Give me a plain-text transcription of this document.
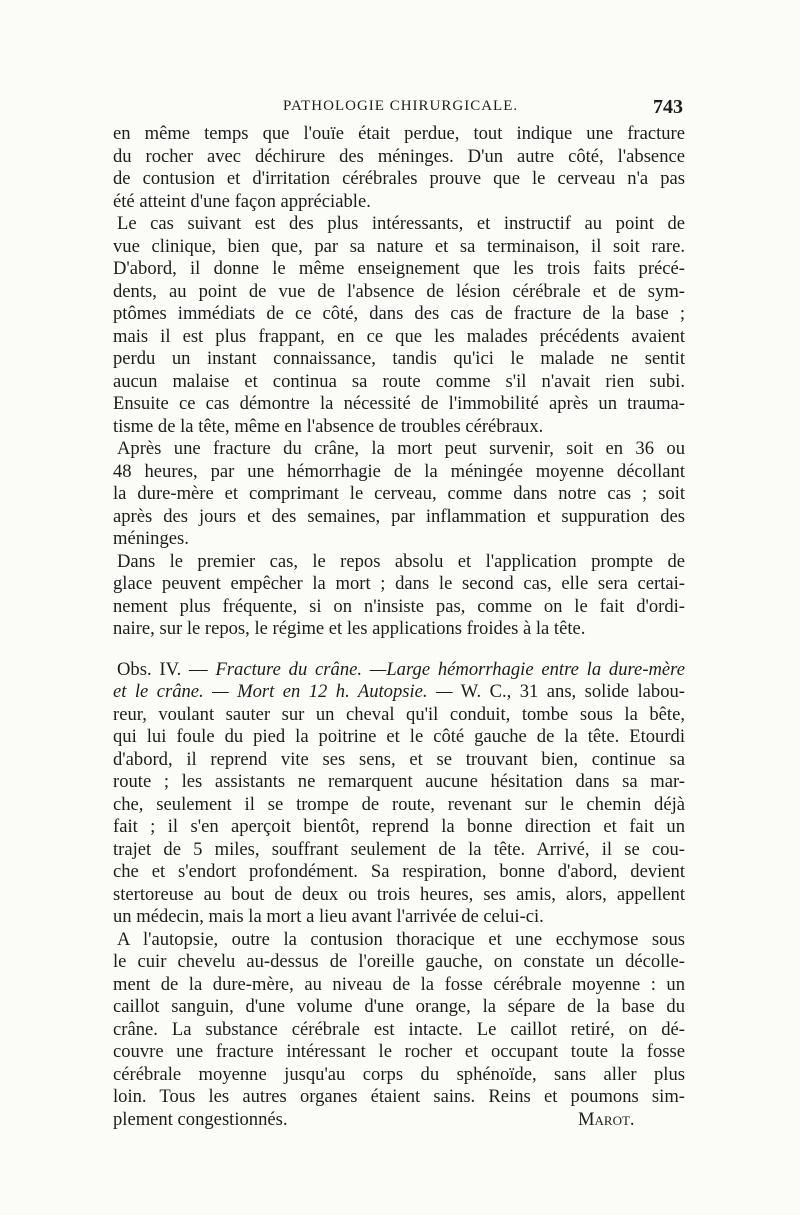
PATHOLOGIE CHIRURGICALE.	743
en même temps que l'ouïe était perdue, tout indique une fracture
du rocher avec déchirure des méninges. D'un autre côté, l'absence
de contusion et d'irritation cérébrales prouve que le cerveau n'a pas
été atteint d'une façon appréciable.
Le cas suivant est des plus intéressants, et instructif au point de
vue clinique, bien que, par sa nature et sa terminaison, il soit rare.
D'abord, il donne le même enseignement que les trois faits précé-
dents, au point de vue de l'absence de lésion cérébrale et de sym-
ptômes immédiats de ce côté, dans des cas de fracture de la base ;
mais il est plus frappant, en ce que les malades précédents avaient
perdu un instant connaissance, tandis qu'ici le malade ne sentit
aucun malaise et continua sa route comme s'il n'avait rien subi.
Ensuite ce cas démontre la nécessité de l'immobilité après un trauma-
tisme de la tête, même en l'absence de troubles cérébraux.
Après une fracture du crâne, la mort peut survenir, soit en 36 ou
48 heures, par une hémorrhagie de la méningée moyenne décollant
la dure-mère et comprimant le cerveau, comme dans notre cas ; soit
après des jours et des semaines, par inflammation et suppuration des
méninges.
Dans le premier cas, le repos absolu et l'application prompte de
glace peuvent empêcher la mort ; dans le second cas, elle sera certai-
nement plus fréquente, si on n'insiste pas, comme on le fait d'ordi-
naire, sur le repos, le régime et les applications froides à la tête.
Obs. IV. — Fracture du crâne. —Large hémorrhagie entre la dure-mère
et le crâne. — Mort en 12 h. Autopsie. — W. C., 31 ans, solide labou-
reur, voulant sauter sur un cheval qu'il conduit, tombe sous la bête,
qui lui foule du pied la poitrine et le côté gauche de la tête. Etourdi
d'abord, il reprend vite ses sens, et se trouvant bien, continue sa
route ; les assistants ne remarquent aucune hésitation dans sa mar-
che, seulement il se trompe de route, revenant sur le chemin déjà
fait ; il s'en aperçoit bientôt, reprend la bonne direction et fait un
trajet de 5 miles, souffrant seulement de la tête. Arrivé, il se cou-
che et s'endort profondément. Sa respiration, bonne d'abord, devient
stertoreuse au bout de deux ou trois heures, ses amis, alors, appellent
un médecin, mais la mort a lieu avant l'arrivée de celui-ci.
A l'autopsie, outre la contusion thoracique et une ecchymose sous
le cuir chevelu au-dessus de l'oreille gauche, on constate un décolle-
ment de la dure-mère, au niveau de la fosse cérébrale moyenne : un
caillot sanguin, d'une volume d'une orange, la sépare de la base du
crâne. La substance cérébrale est intacte. Le caillot retiré, on dé-
couvre une fracture intéressant le rocher et occupant toute la fosse
cérébrale moyenne jusqu'au corps du sphénoïde, sans aller plus
loin. Tous les autres organes étaient sains. Reins et poumons sim-
plement congestionnés.	Marot.
